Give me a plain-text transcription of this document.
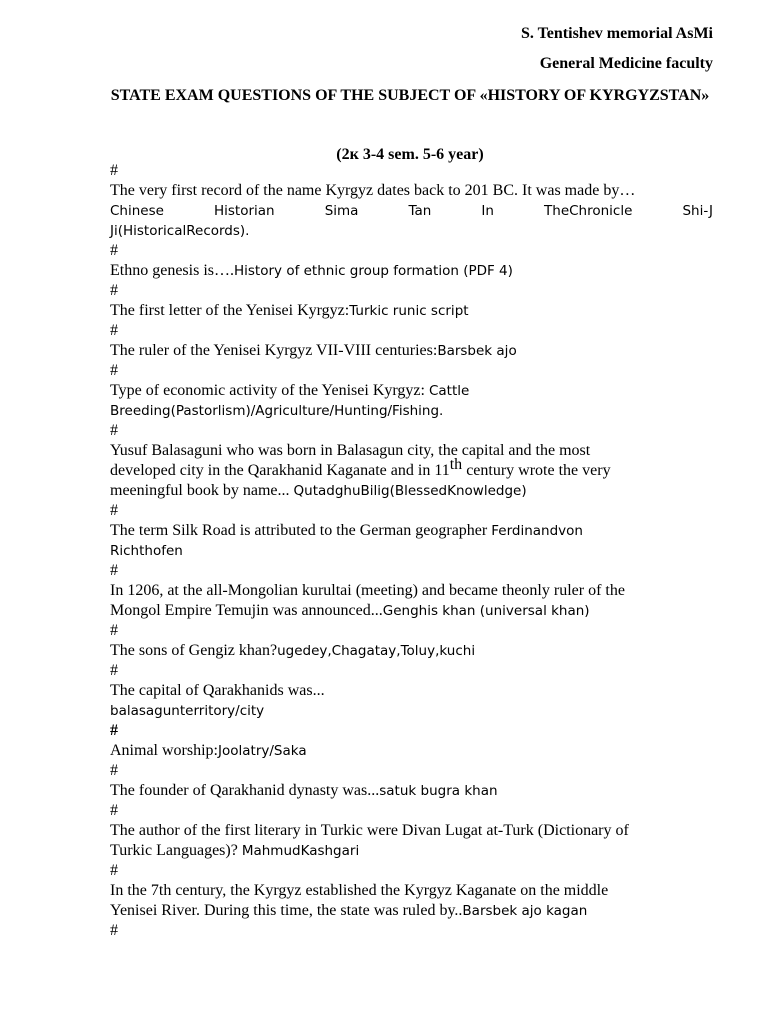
S. Tentishev memorial AsMi
General Medicine faculty
STATE EXAM QUESTIONS OF THE SUBJECT OF «HISTORY OF KYRGYZSTAN»
(2к 3-4 sem. 5-6 year)
#
The very first record of the name Kyrgyz dates back to 201 BC. It was made by…
Chinese	Historian	Sima	Tan	In	TheChronicle	Shi-J
Ji(HistoricalRecords).
#
Ethno genesis is….History of ethnic group formation (PDF 4)
#
The first letter of the Yenisei Kyrgyz:Turkic runic script
#
The ruler of the Yenisei Kyrgyz VII-VIII centuries:Barsbek ajo
#
Type of economic activity of the Yenisei Kyrgyz: Cattle
Breeding(Pastorlism)/Agriculture/Hunting/Fishing.
#
Yusuf Balasaguni who was born in Balasagun city, the capital and the most
developed city in the Qarakhanid Kaganate and in 11th century wrote the very
meeningful book by name... QutadghuBilig(BlessedKnowledge)
#
The term Silk Road is attributed to the German geographer Ferdinandvon
Richthofen
#
In 1206, at the all-Mongolian kurultai (meeting) and became theonly ruler of the
Mongol Empire Temujin was announced...Genghis khan (universal khan)
#
The sons of Gengiz khan?ugedey,Chagatay,Toluy,kuchi
#
The capital of Qarakhanids was...
balasagunterritory/city
#
Animal worship:Joolatry/Saka
#
The founder of Qarakhanid dynasty was...satuk bugra khan
#
The author of the first literary in Turkic were Divan Lugat at-Turk (Dictionary of
Turkic Languages)? MahmudKashgari
#
In the 7th century, the Kyrgyz established the Kyrgyz Kaganate on the middle
Yenisei River. During this time, the state was ruled by..Barsbek ajo kagan
#
